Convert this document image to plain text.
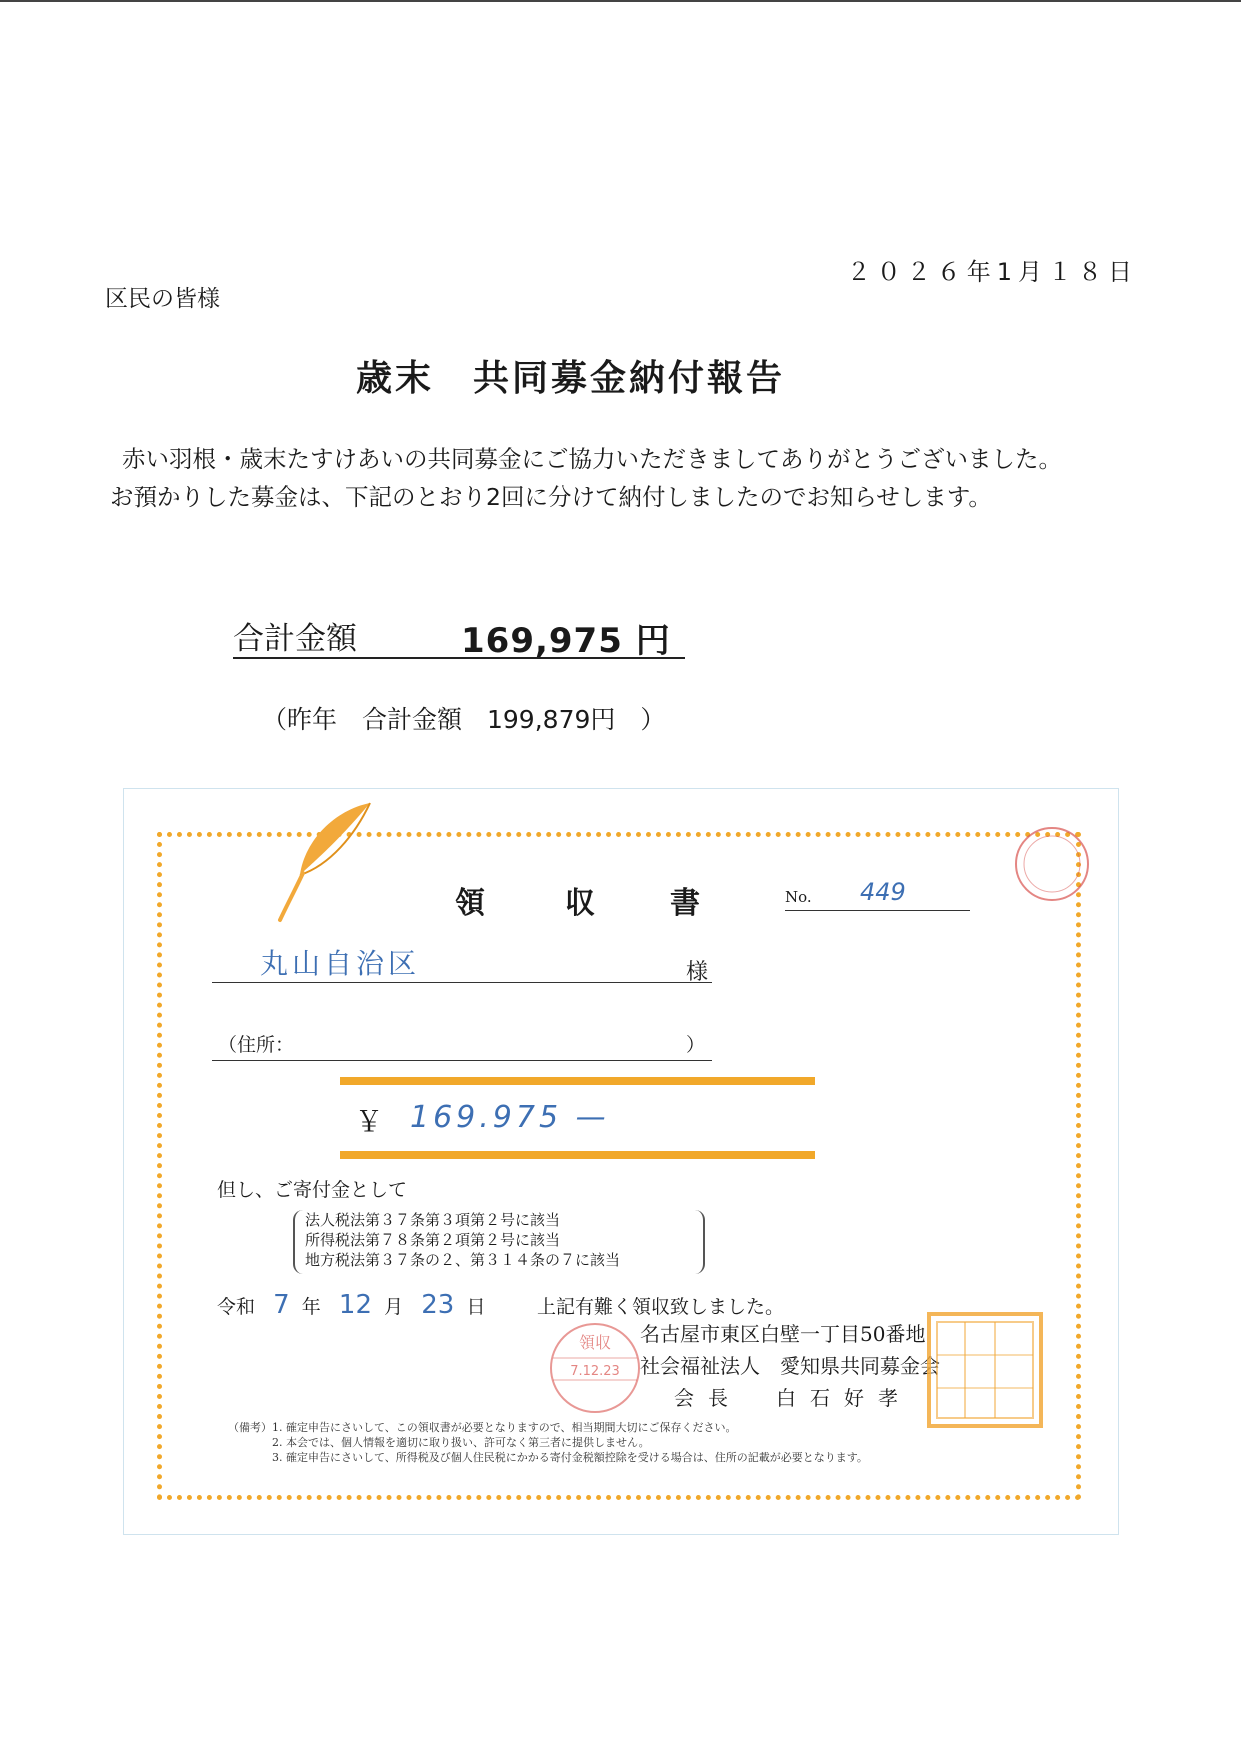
２０２６年1月１８日
区民の皆様
歳末　共同募金納付報告
赤い羽根・歳末たすけあいの共同募金にご協力いただきましてありがとうございました。
お預かりした募金は、下記のとおり2回に分けて納付しましたのでお知らせします。
合計金額	169,975 円
（昨年　合計金額　199,879円　）
領	収	書	No. 449
丸山自治区	様
（住所：	）
￥ 169.975 —
但し、ご寄付金として
法人税法第３７条第３項第２号に該当
所得税法第７８条第２項第２号に該当
地方税法第３７条の２、第３１４条の７に該当
令和 7 年 12 月 23 日	上記有難く領収致しました。
名古屋市東区白壁一丁目50番地
社会福祉法人　愛知県共同募金会
会長　白石好孝
（備考）1. 確定申告にさいして、この領収書が必要となりますので、相当期間大切にご保存ください。
2. 本会では、個人情報を適切に取り扱い、許可なく第三者に提供しません。
3. 確定申告にさいして、所得税及び個人住民税にかかる寄付金税額控除を受ける場合は、住所の記載が必要となります。
領収
7.12.23
